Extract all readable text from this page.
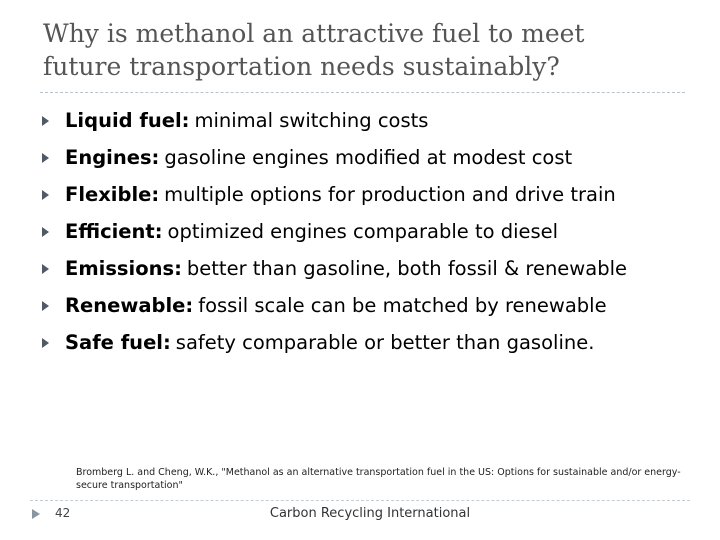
Why is methanol an attractive fuel to meet
future transportation needs sustainably?
Liquid fuel: minimal switching costs
Engines: gasoline engines modified at modest cost
Flexible: multiple options for production and drive train
Efficient: optimized engines comparable to diesel
Emissions: better than gasoline, both fossil & renewable
Renewable: fossil scale can be matched by renewable
Safe fuel: safety comparable or better than gasoline.
Bromberg L. and Cheng, W.K., "Methanol as an alternative transportation fuel in the US: Options for sustainable and/or energy-secure transportation"
42	Carbon Recycling International
